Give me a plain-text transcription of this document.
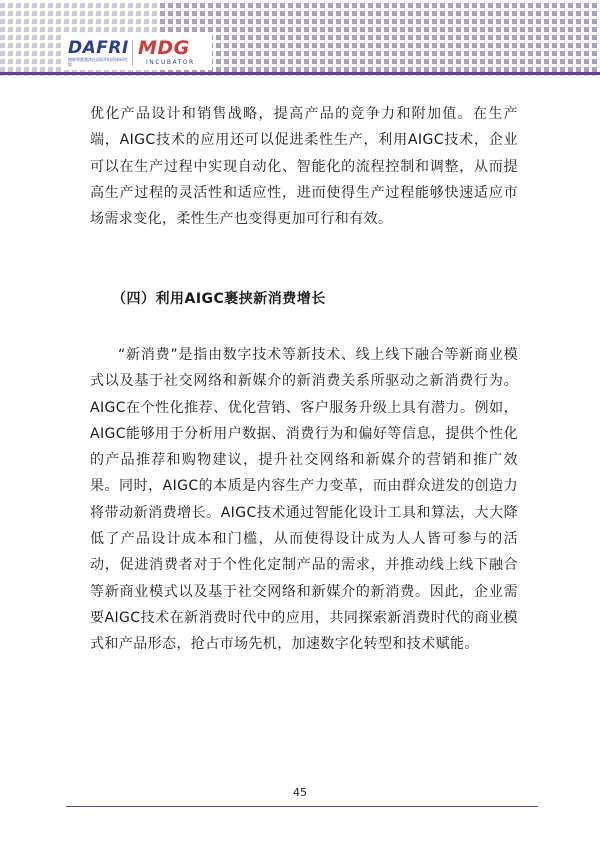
DAFRI
德辉粤港澳湾区国际科技创新研究院
MDG
INCUBATOR

优化产品设计和销售战略，提高产品的竞争力和附加值。在生产端，AIGC技术的应用还可以促进柔性生产，利用AIGC技术，企业可以在生产过程中实现自动化、智能化的流程控制和调整，从而提高生产过程的灵活性和适应性，进而使得生产过程能够快速适应市场需求变化，柔性生产也变得更加可行和有效。

（四）利用AIGC裹挟新消费增长

“新消费”是指由数字技术等新技术、线上线下融合等新商业模式以及基于社交网络和新媒介的新消费关系所驱动之新消费行为。AIGC在个性化推荐、优化营销、客户服务升级上具有潜力。例如，AIGC能够用于分析用户数据、消费行为和偏好等信息，提供个性化的产品推荐和购物建议，提升社交网络和新媒介的营销和推广效果。同时，AIGC的本质是内容生产力变革，而由群众迸发的创造力将带动新消费增长。AIGC技术通过智能化设计工具和算法，大大降低了产品设计成本和门槛，从而使得设计成为人人皆可参与的活动，促进消费者对于个性化定制产品的需求，并推动线上线下融合等新商业模式以及基于社交网络和新媒介的新消费。因此，企业需要AIGC技术在新消费时代中的应用，共同探索新消费时代的商业模式和产品形态，抢占市场先机，加速数字化转型和技术赋能。

45
